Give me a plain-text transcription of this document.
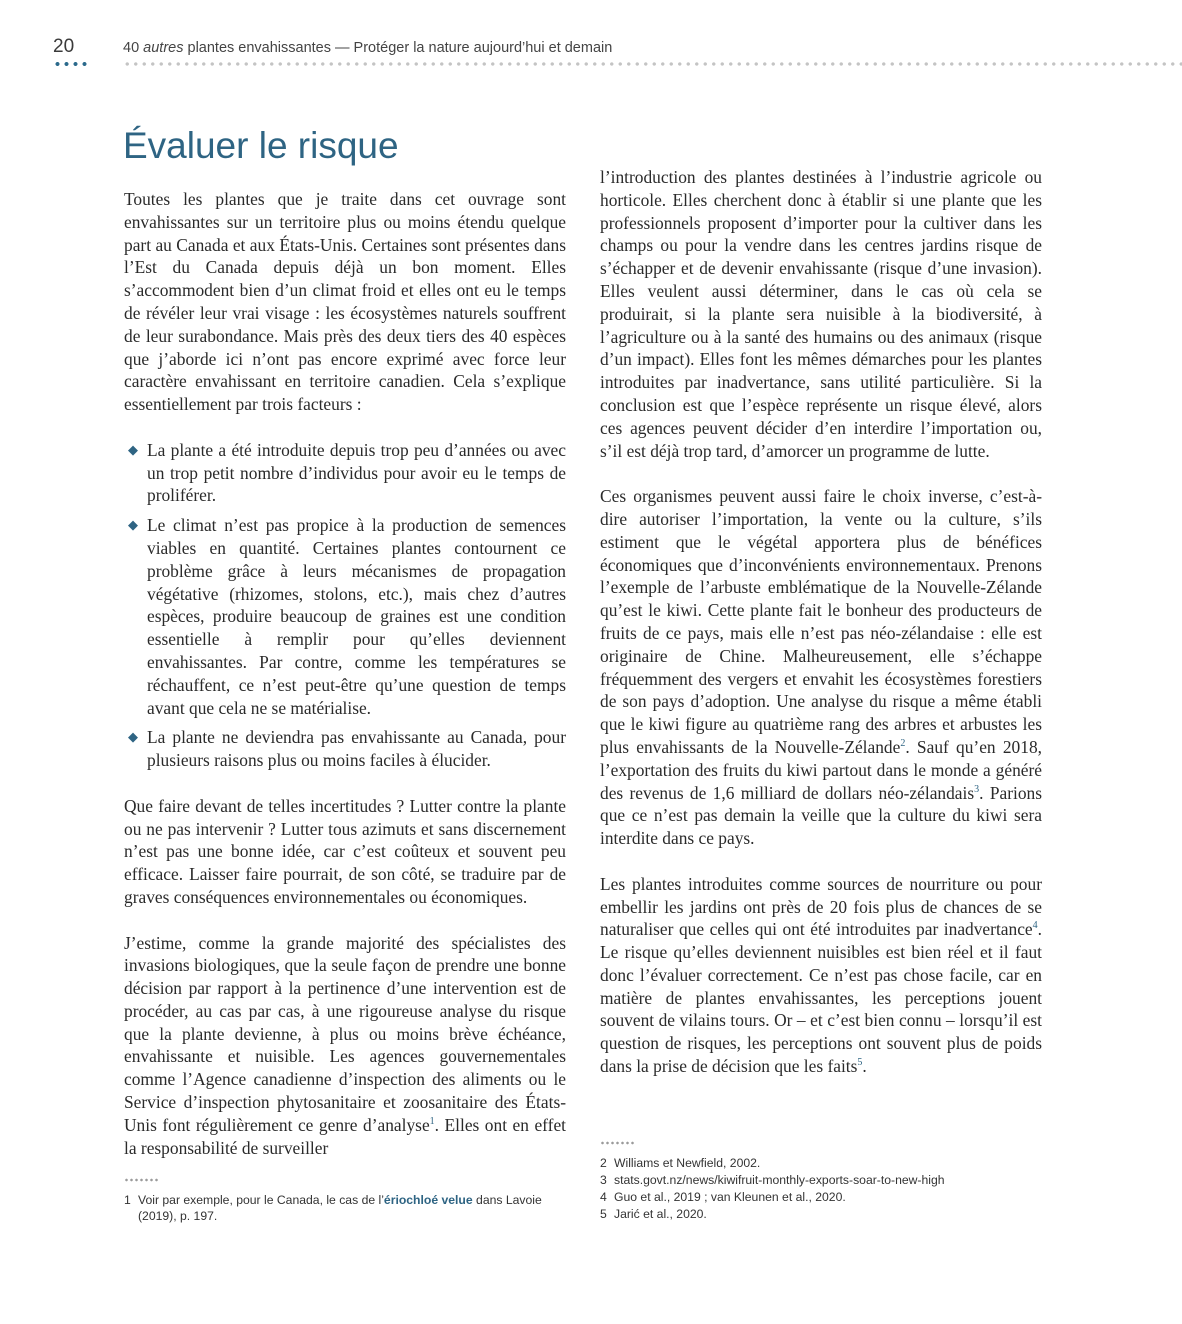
20	40 autres plantes envahissantes — Protéger la nature aujourd’hui et demain
Évaluer le risque

Toutes les plantes que je traite dans cet ouvrage sont envahissantes sur un territoire plus ou moins étendu quelque part au Canada et aux États-Unis. Certaines sont présentes dans l’Est du Canada depuis déjà un bon moment. Elles s’accommodent bien d’un climat froid et elles ont eu le temps de révéler leur vrai visage : les écosystèmes naturels souffrent de leur surabondance. Mais près des deux tiers des 40 espèces que j’aborde ici n’ont pas encore exprimé avec force leur caractère envahissant en territoire canadien. Cela s’explique essentiellement par trois facteurs :

◆ La plante a été introduite depuis trop peu d’années ou avec un trop petit nombre d’individus pour avoir eu le temps de proliférer.
◆ Le climat n’est pas propice à la production de semences viables en quantité. Certaines plantes contournent ce problème grâce à leurs mécanismes de propagation végétative (rhizomes, stolons, etc.), mais chez d’autres espèces, produire beaucoup de graines est une condition essentielle à remplir pour qu’elles deviennent envahissantes. Par contre, comme les températures se réchauffent, ce n’est peut-être qu’une question de temps avant que cela ne se matérialise.
◆ La plante ne deviendra pas envahissante au Canada, pour plusieurs raisons plus ou moins faciles à élucider.

Que faire devant de telles incertitudes ? Lutter contre la plante ou ne pas intervenir ? Lutter tous azimuts et sans discernement n’est pas une bonne idée, car c’est coûteux et souvent peu efficace. Laisser faire pourrait, de son côté, se traduire par de graves conséquences environnementales ou économiques.

J’estime, comme la grande majorité des spécialistes des invasions biologiques, que la seule façon de prendre une bonne décision par rapport à la pertinence d’une intervention est de procéder, au cas par cas, à une rigoureuse analyse du risque que la plante devienne, à plus ou moins brève échéance, envahissante et nuisible. Les agences gouvernementales comme l’Agence canadienne d’inspection des aliments ou le Service d’inspection phytosanitaire et zoosanitaire des États-Unis font régulièrement ce genre d’analyse$^1$. Elles ont en effet la responsabilité de surveiller

l’introduction des plantes destinées à l’industrie agricole ou horticole. Elles cherchent donc à établir si une plante que les professionnels proposent d’importer pour la cultiver dans les champs ou pour la vendre dans les centres jardins risque de s’échapper et de devenir envahissante (risque d’une invasion). Elles veulent aussi déterminer, dans le cas où cela se produirait, si la plante sera nuisible à la biodiversité, à l’agriculture ou à la santé des humains ou des animaux (risque d’un impact). Elles font les mêmes démarches pour les plantes introduites par inadvertance, sans utilité particulière. Si la conclusion est que l’espèce représente un risque élevé, alors ces agences peuvent décider d’en interdire l’importation ou, s’il est déjà trop tard, d’amorcer un programme de lutte.

Ces organismes peuvent aussi faire le choix inverse, c’est-à-dire autoriser l’importation, la vente ou la culture, s’ils estiment que le végétal apportera plus de bénéfices économiques que d’inconvénients environnementaux. Prenons l’exemple de l’arbuste emblématique de la Nouvelle-Zélande qu’est le kiwi. Cette plante fait le bonheur des producteurs de fruits de ce pays, mais elle n’est pas néo-zélandaise : elle est originaire de Chine. Malheureusement, elle s’échappe fréquemment des vergers et envahit les écosystèmes forestiers de son pays d’adoption. Une analyse du risque a même établi que le kiwi figure au quatrième rang des arbres et arbustes les plus envahissants de la Nouvelle-Zélande$^2$. Sauf qu’en 2018, l’exportation des fruits du kiwi partout dans le monde a généré des revenus de 1,6 milliard de dollars néo-zélandais$^3$. Parions que ce n’est pas demain la veille que la culture du kiwi sera interdite dans ce pays.

Les plantes introduites comme sources de nourriture ou pour embellir les jardins ont près de 20 fois plus de chances de se naturaliser que celles qui ont été introduites par inadvertance$^4$. Le risque qu’elles deviennent nuisibles est bien réel et il faut donc l’évaluer correctement. Ce n’est pas chose facile, car en matière de plantes envahissantes, les perceptions jouent souvent de vilains tours. Or – et c’est bien connu – lorsqu’il est question de risques, les perceptions ont souvent plus de poids dans la prise de décision que les faits$^5$.

1 Voir par exemple, pour le Canada, le cas de l’ériochloé velue dans Lavoie (2019), p. 197.
2 Williams et Newfield, 2002.
3 stats.govt.nz/news/kiwifruit-monthly-exports-soar-to-new-high
4 Guo et al., 2019 ; van Kleunen et al., 2020.
5 Jarić et al., 2020.
